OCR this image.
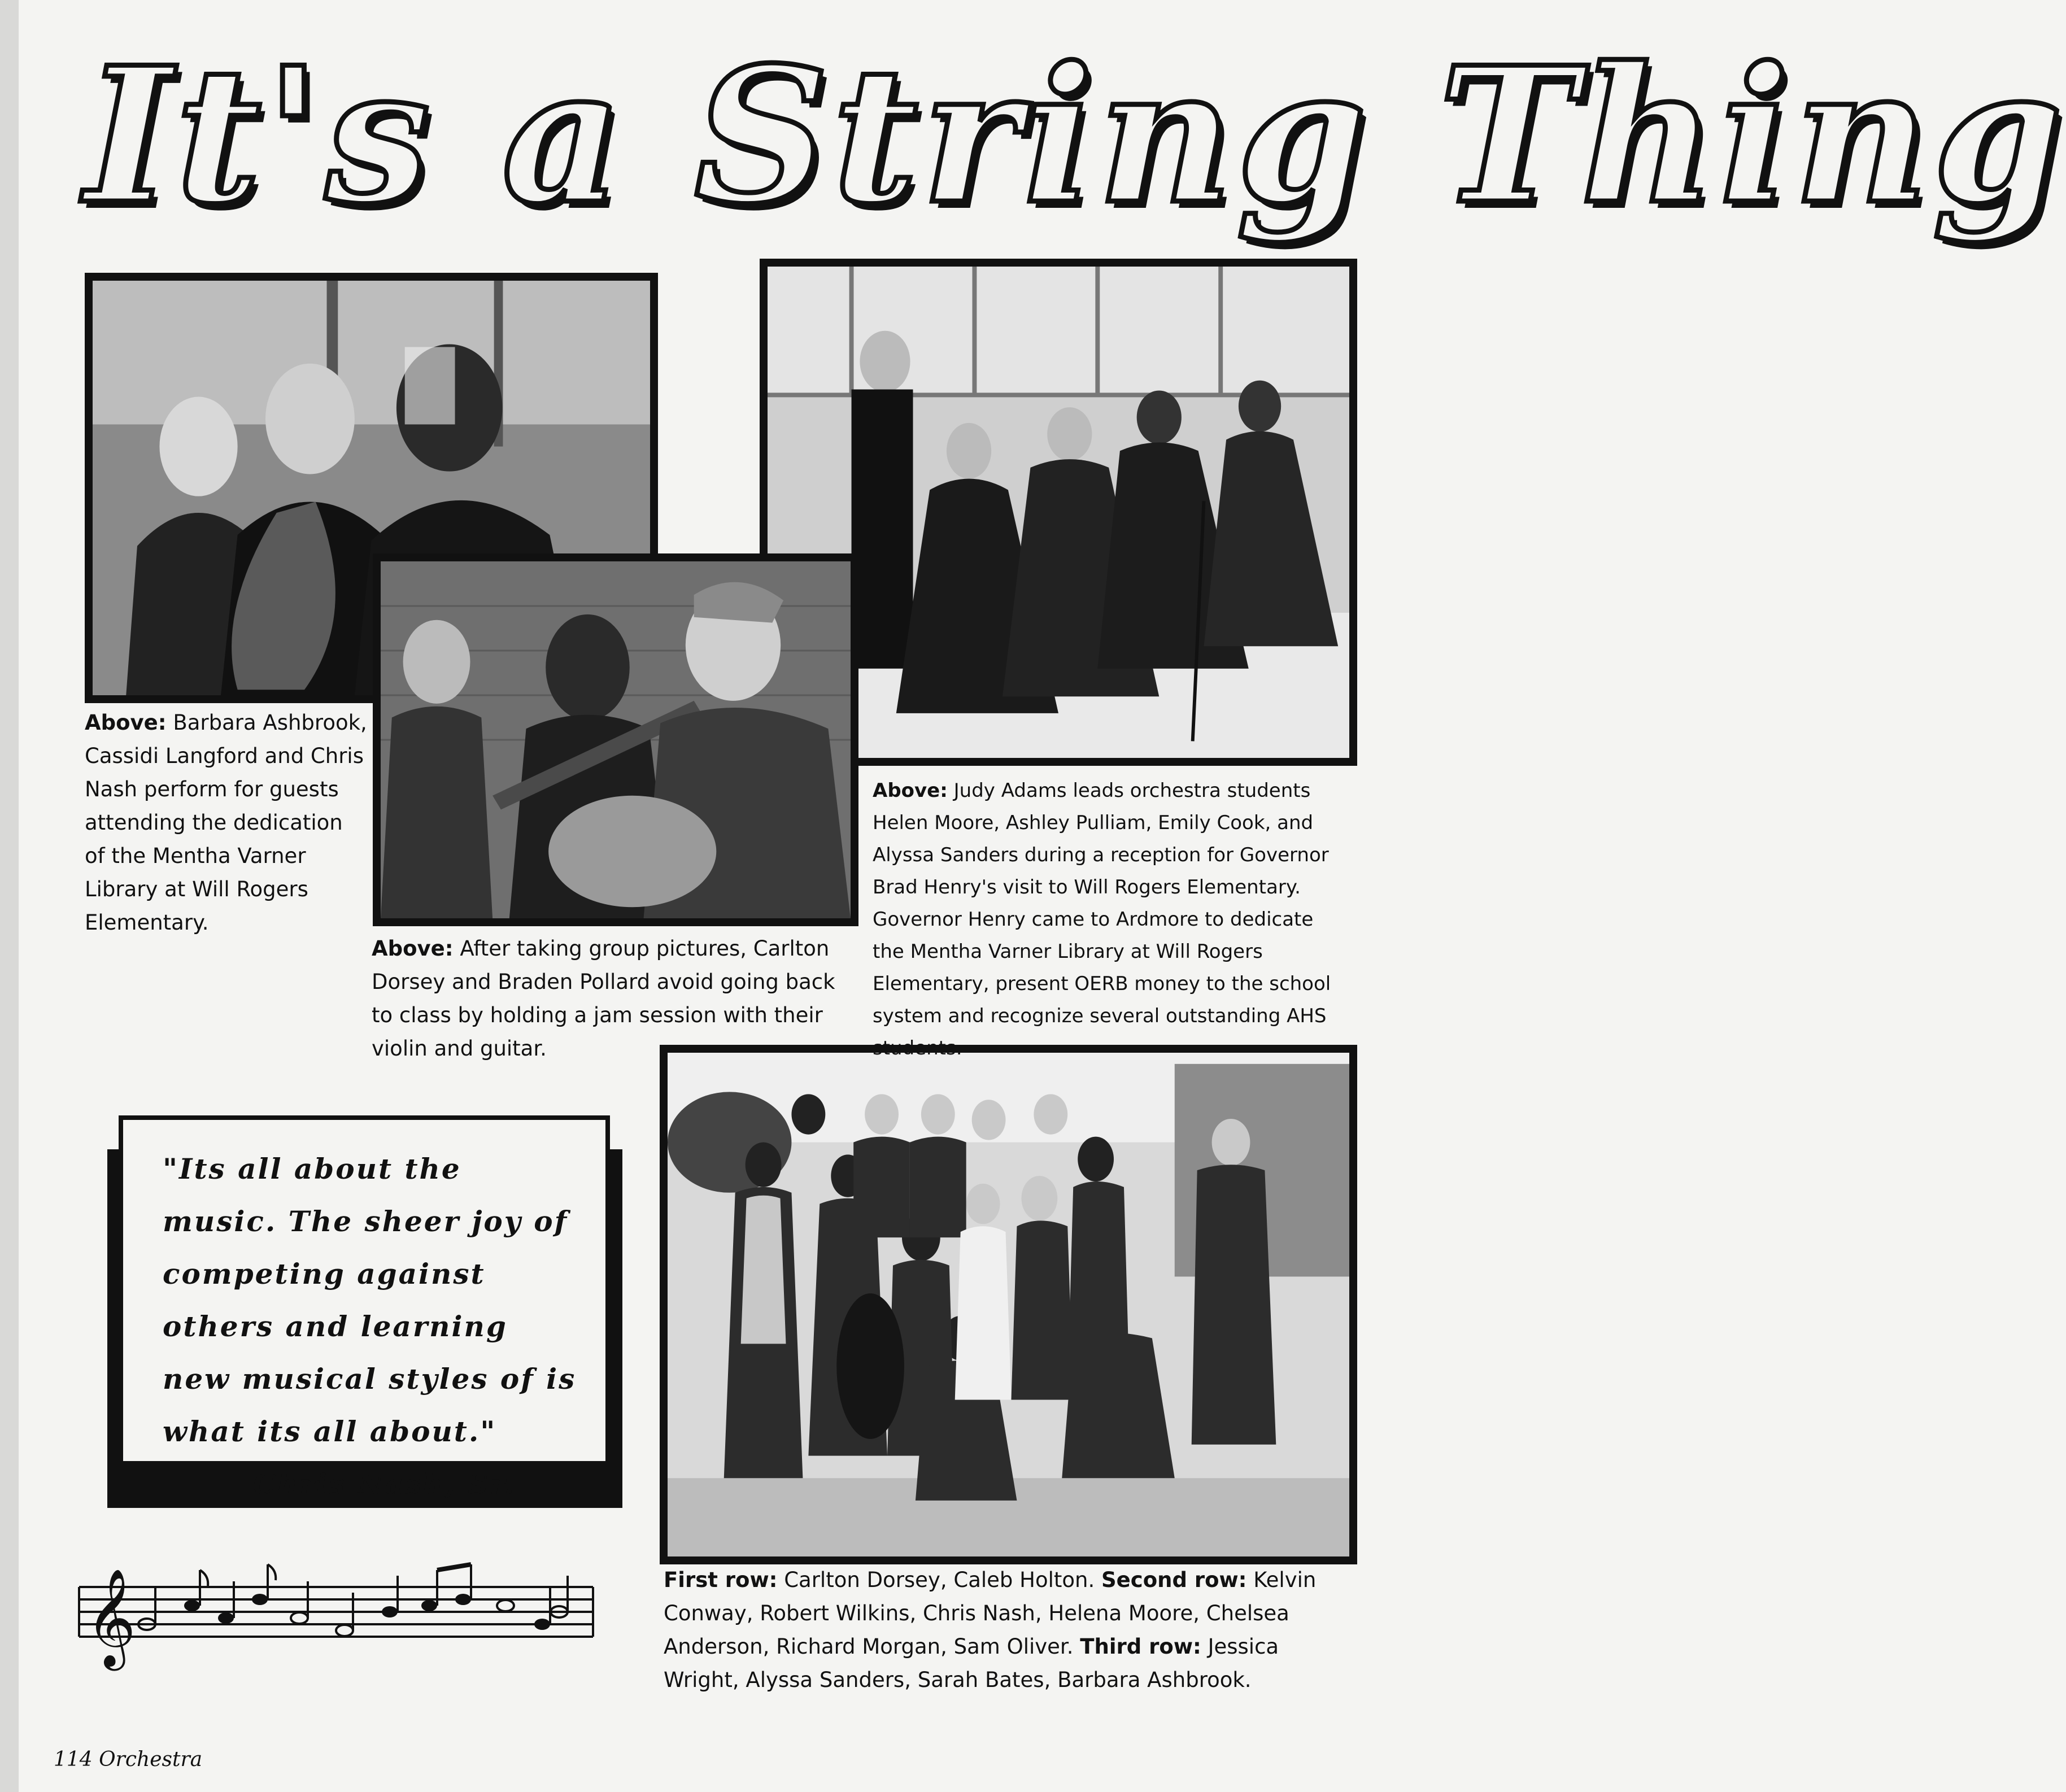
It's a String Thing
Above: Barbara Ashbrook, Cassidi Langford and Chris Nash perform for guests attending the dedication of the Mentha Varner Library at Will Rogers Elementary.
Above: After taking group pictures, Carlton Dorsey and Braden Pollard avoid going back to class by holding a jam session with their violin and guitar.
Above: Judy Adams leads orchestra students Helen Moore, Ashley Pulliam, Emily Cook, and Alyssa Sanders during a reception for Governor Brad Henry's visit to Will Rogers Elementary. Governor Henry came to Ardmore to dedicate the Mentha Varner Library at Will Rogers Elementary, present OERB money to the school system and recognize several outstanding AHS students.
First row: Carlton Dorsey, Caleb Holton. Second row: Kelvin Conway, Robert Wilkins, Chris Nash, Helena Moore, Chelsea Anderson, Richard Morgan, Sam Oliver. Third row: Jessica Wright, Alyssa Sanders, Sarah Bates, Barbara Ashbrook.
"Its all about the music. The sheer joy of competing against others and learning new musical styles of is what its all about."
Chris Nash, Sr.
𝄞
114 Orchestra
